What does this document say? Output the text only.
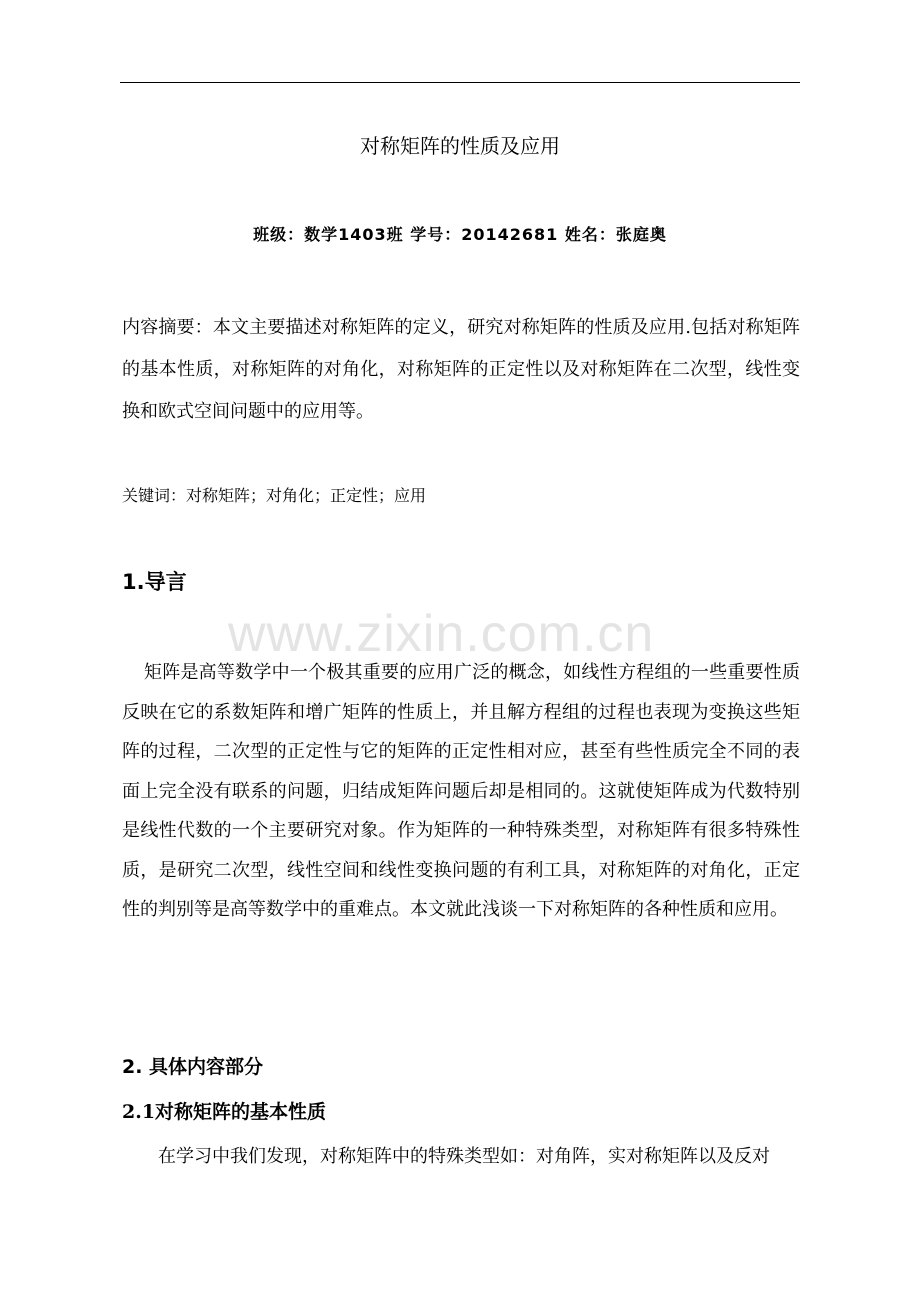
对称矩阵的性质及应用
班级：数学1403班 学号：20142681 姓名：张庭奥
内容摘要：本文主要描述对称矩阵的定义，研究对称矩阵的性质及应用.包括对称矩阵的基本性质，对称矩阵的对角化，对称矩阵的正定性以及对称矩阵在二次型，线性变换和欧式空间问题中的应用等。
关键词：对称矩阵；对角化；正定性；应用
1.导言
www.zixin.com.cn
矩阵是高等数学中一个极其重要的应用广泛的概念，如线性方程组的一些重要性质反映在它的系数矩阵和增广矩阵的性质上，并且解方程组的过程也表现为变换这些矩阵的过程，二次型的正定性与它的矩阵的正定性相对应，甚至有些性质完全不同的表面上完全没有联系的问题，归结成矩阵问题后却是相同的。这就使矩阵成为代数特别是线性代数的一个主要研究对象。作为矩阵的一种特殊类型，对称矩阵有很多特殊性质，是研究二次型，线性空间和线性变换问题的有利工具，对称矩阵的对角化，正定性的判别等是高等数学中的重难点。本文就此浅谈一下对称矩阵的各种性质和应用。
2. 具体内容部分
2.1对称矩阵的基本性质
在学习中我们发现，对称矩阵中的特殊类型如：对角阵，实对称矩阵以及反对
